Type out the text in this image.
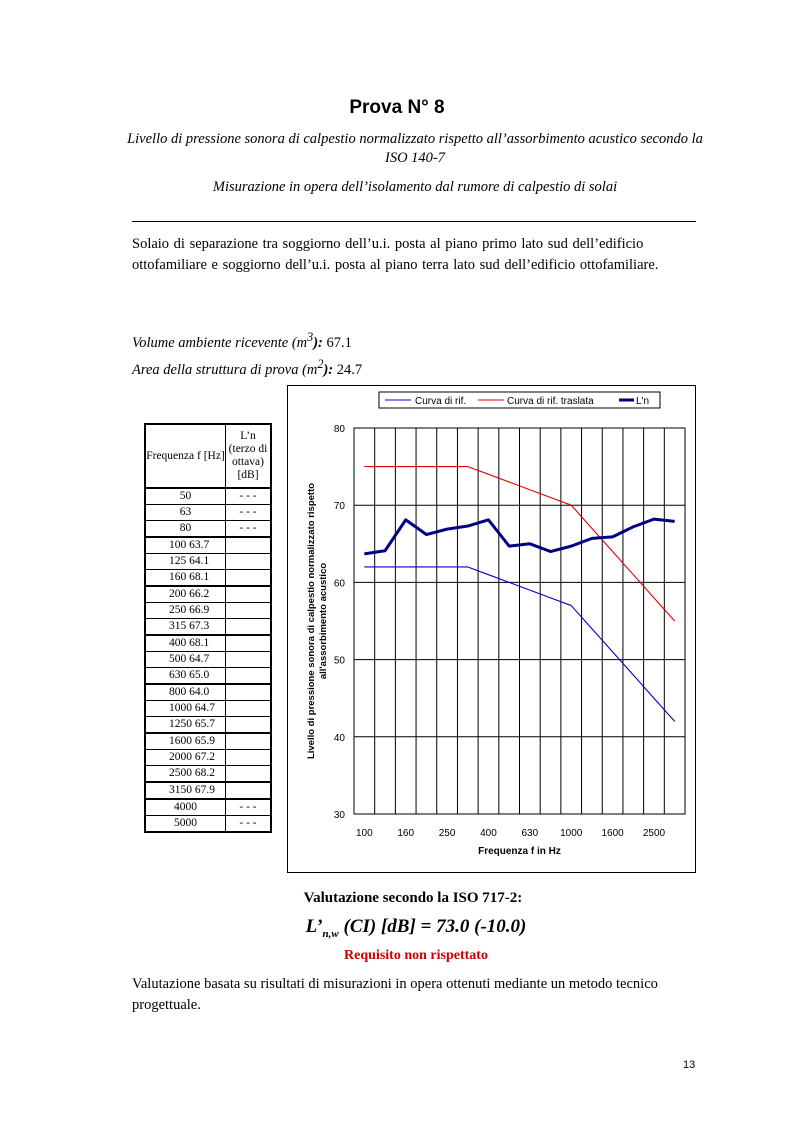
Prova N° 8
Livello di pressione sonora di calpestio normalizzato rispetto all’assorbimento acustico secondo la ISO 140-7
Misurazione in opera dell’isolamento dal rumore di calpestio di solai
Solaio di separazione tra soggiorno dell’u.i. posta al piano primo lato sud dell’edificio ottofamiliare e soggiorno dell’u.i. posta al piano terra lato sud dell’edificio ottofamiliare.
Volume ambiente ricevente $(m^3)$: 67.1
Area della struttura di prova $(m^2)$: 24.7
Frequenza f [Hz]	L’n (terzo di ottava) [dB]
50	- - -
63	- - -
80	- - -
100 63.7	
125 64.1	
160 68.1	
200 66.2	
250 66.9	
315 67.3	
400 68.1	
500 64.7	
630 65.0	
800 64.0	
1000 64.7	
1250 65.7	
1600 65.9	
2000 67.2	
2500 68.2	
3150 67.9	
4000	- - -
5000	- - -
30
40
50
60
70
80
100 160 250 400 630 1000 1600 2500
Frequenza f in Hz
Livello di pressione sonora di calpestio normalizzato rispetto all'assorbimento acustico
Curva di rif.	Curva di rif. traslata	L'n
Valutazione secondo la ISO 717-2:
$L’_{n,w}$ (CI) [dB] = 73.0 (-10.0)
Requisito non rispettato
Valutazione basata su risultati di misurazioni in opera ottenuti mediante un metodo tecnico progettuale.
13
